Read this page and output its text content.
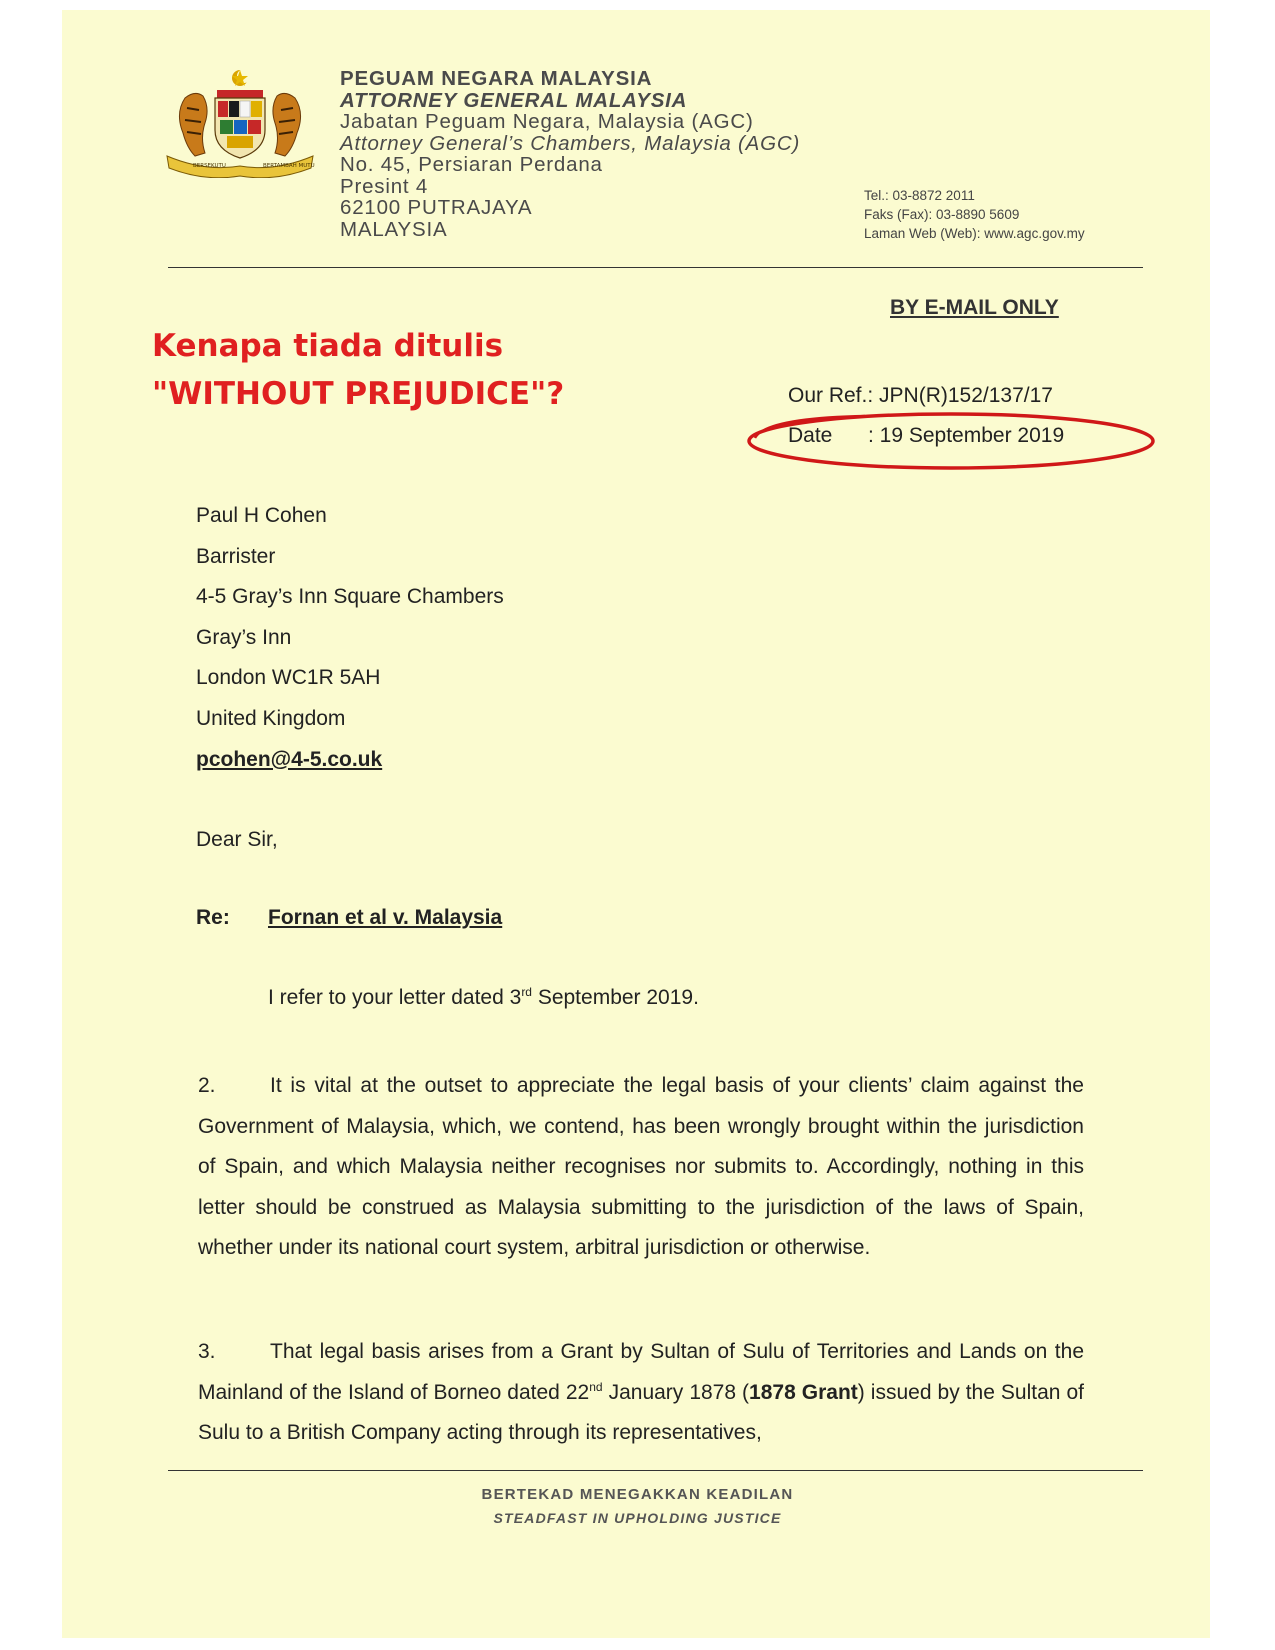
BERSEKUTU	BERTAMBAH MUTU
PEGUAM NEGARA MALAYSIA
ATTORNEY GENERAL MALAYSIA
Jabatan Peguam Negara, Malaysia (AGC)
Attorney General’s Chambers, Malaysia (AGC)
No. 45, Persiaran Perdana
Presint 4
62100 PUTRAJAYA
MALAYSIA
Tel.: 03-8872 2011
Faks (Fax): 03-8890 5609
Laman Web (Web): www.agc.gov.my
BY E-MAIL ONLY
Kenapa tiada ditulis
"WITHOUT PREJUDICE"?	Our Ref.: JPN(R)152/137/17
Date : 19 September 2019
Paul H Cohen
Barrister
4-5 Gray’s Inn Square Chambers
Gray’s Inn
London WC1R 5AH
United Kingdom
pcohen@4-5.co.uk
Dear Sir,
Re: Fornan et al v. Malaysia
I refer to your letter dated 3rd September 2019.
2.	It is vital at the outset to appreciate the legal basis of your clients’ claim against the Government of Malaysia, which, we contend, has been wrongly brought within the jurisdiction of Spain, and which Malaysia neither recognises nor submits to. Accordingly, nothing in this letter should be construed as Malaysia submitting to the jurisdiction of the laws of Spain, whether under its national court system, arbitral jurisdiction or otherwise.
3.	That legal basis arises from a Grant by Sultan of Sulu of Territories and Lands on the Mainland of the Island of Borneo dated 22nd January 1878 (1878 Grant) issued by the Sultan of Sulu to a British Company acting through its representatives,
BERTEKAD MENEGAKKAN KEADILAN
STEADFAST IN UPHOLDING JUSTICE
